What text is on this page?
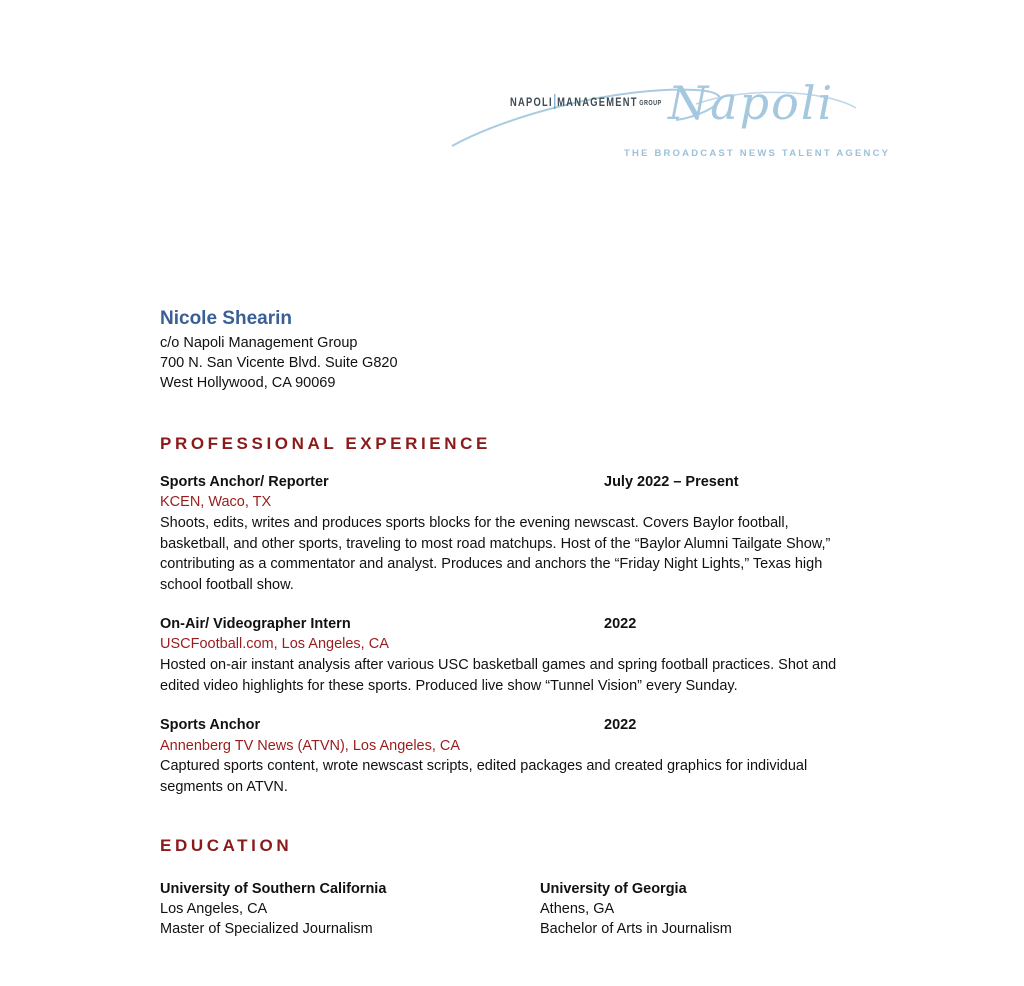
Napoli
NAPOLI MANAGEMENT GROUP
THE BROADCAST NEWS TALENT AGENCY
Nicole Shearin
c/o Napoli Management Group
700 N. San Vicente Blvd. Suite G820
West Hollywood, CA 90069
PROFESSIONAL EXPERIENCE
Sports Anchor/ Reporter	July 2022 – Present
KCEN, Waco, TX
Shoots, edits, writes and produces sports blocks for the evening newscast. Covers Baylor football, basketball, and other sports, traveling to most road matchups. Host of the “Baylor Alumni Tailgate Show,” contributing as a commentator and analyst. Produces and anchors the “Friday Night Lights,” Texas high school football show.
On-Air/ Videographer Intern	2022
USCFootball.com, Los Angeles, CA
Hosted on-air instant analysis after various USC basketball games and spring football practices. Shot and edited video highlights for these sports. Produced live show “Tunnel Vision” every Sunday.
Sports Anchor	2022
Annenberg TV News (ATVN), Los Angeles, CA
Captured sports content, wrote newscast scripts, edited packages and created graphics for individual segments on ATVN.
EDUCATION
University of Southern California
Los Angeles, CA
Master of Specialized Journalism
University of Georgia
Athens, GA
Bachelor of Arts in Journalism
